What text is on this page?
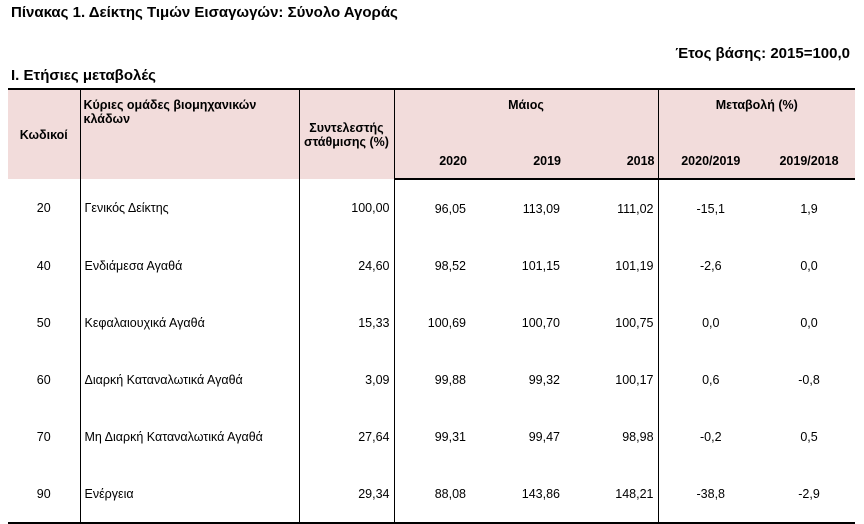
Πίνακας 1. Δείκτης Τιμών Εισαγωγών: Σύνολο Αγοράς
Έτος βάσης: 2015=100,0
Ι. Ετήσιες μεταβολές
Κωδικοί	Κύριες ομάδες βιομηχανικών κλάδων	Συντελεστής στάθμισης (%)	Μάιος			Μεταβολή (%)	
			2020	2019	2018	2020/2019	2019/2018
20	Γενικός Δείκτης	100,00	96,05	113,09	111,02	-15,1	1,9
40	Ενδιάμεσα Αγαθά	24,60	98,52	101,15	101,19	-2,6	0,0
50	Κεφαλαιουχικά Αγαθά	15,33	100,69	100,70	100,75	0,0	0,0
60	Διαρκή Καταναλωτικά Αγαθά	3,09	99,88	99,32	100,17	0,6	-0,8
70	Μη Διαρκή Καταναλωτικά Αγαθά	27,64	99,31	99,47	98,98	-0,2	0,5
90	Ενέργεια	29,34	88,08	143,86	148,21	-38,8	-2,9
